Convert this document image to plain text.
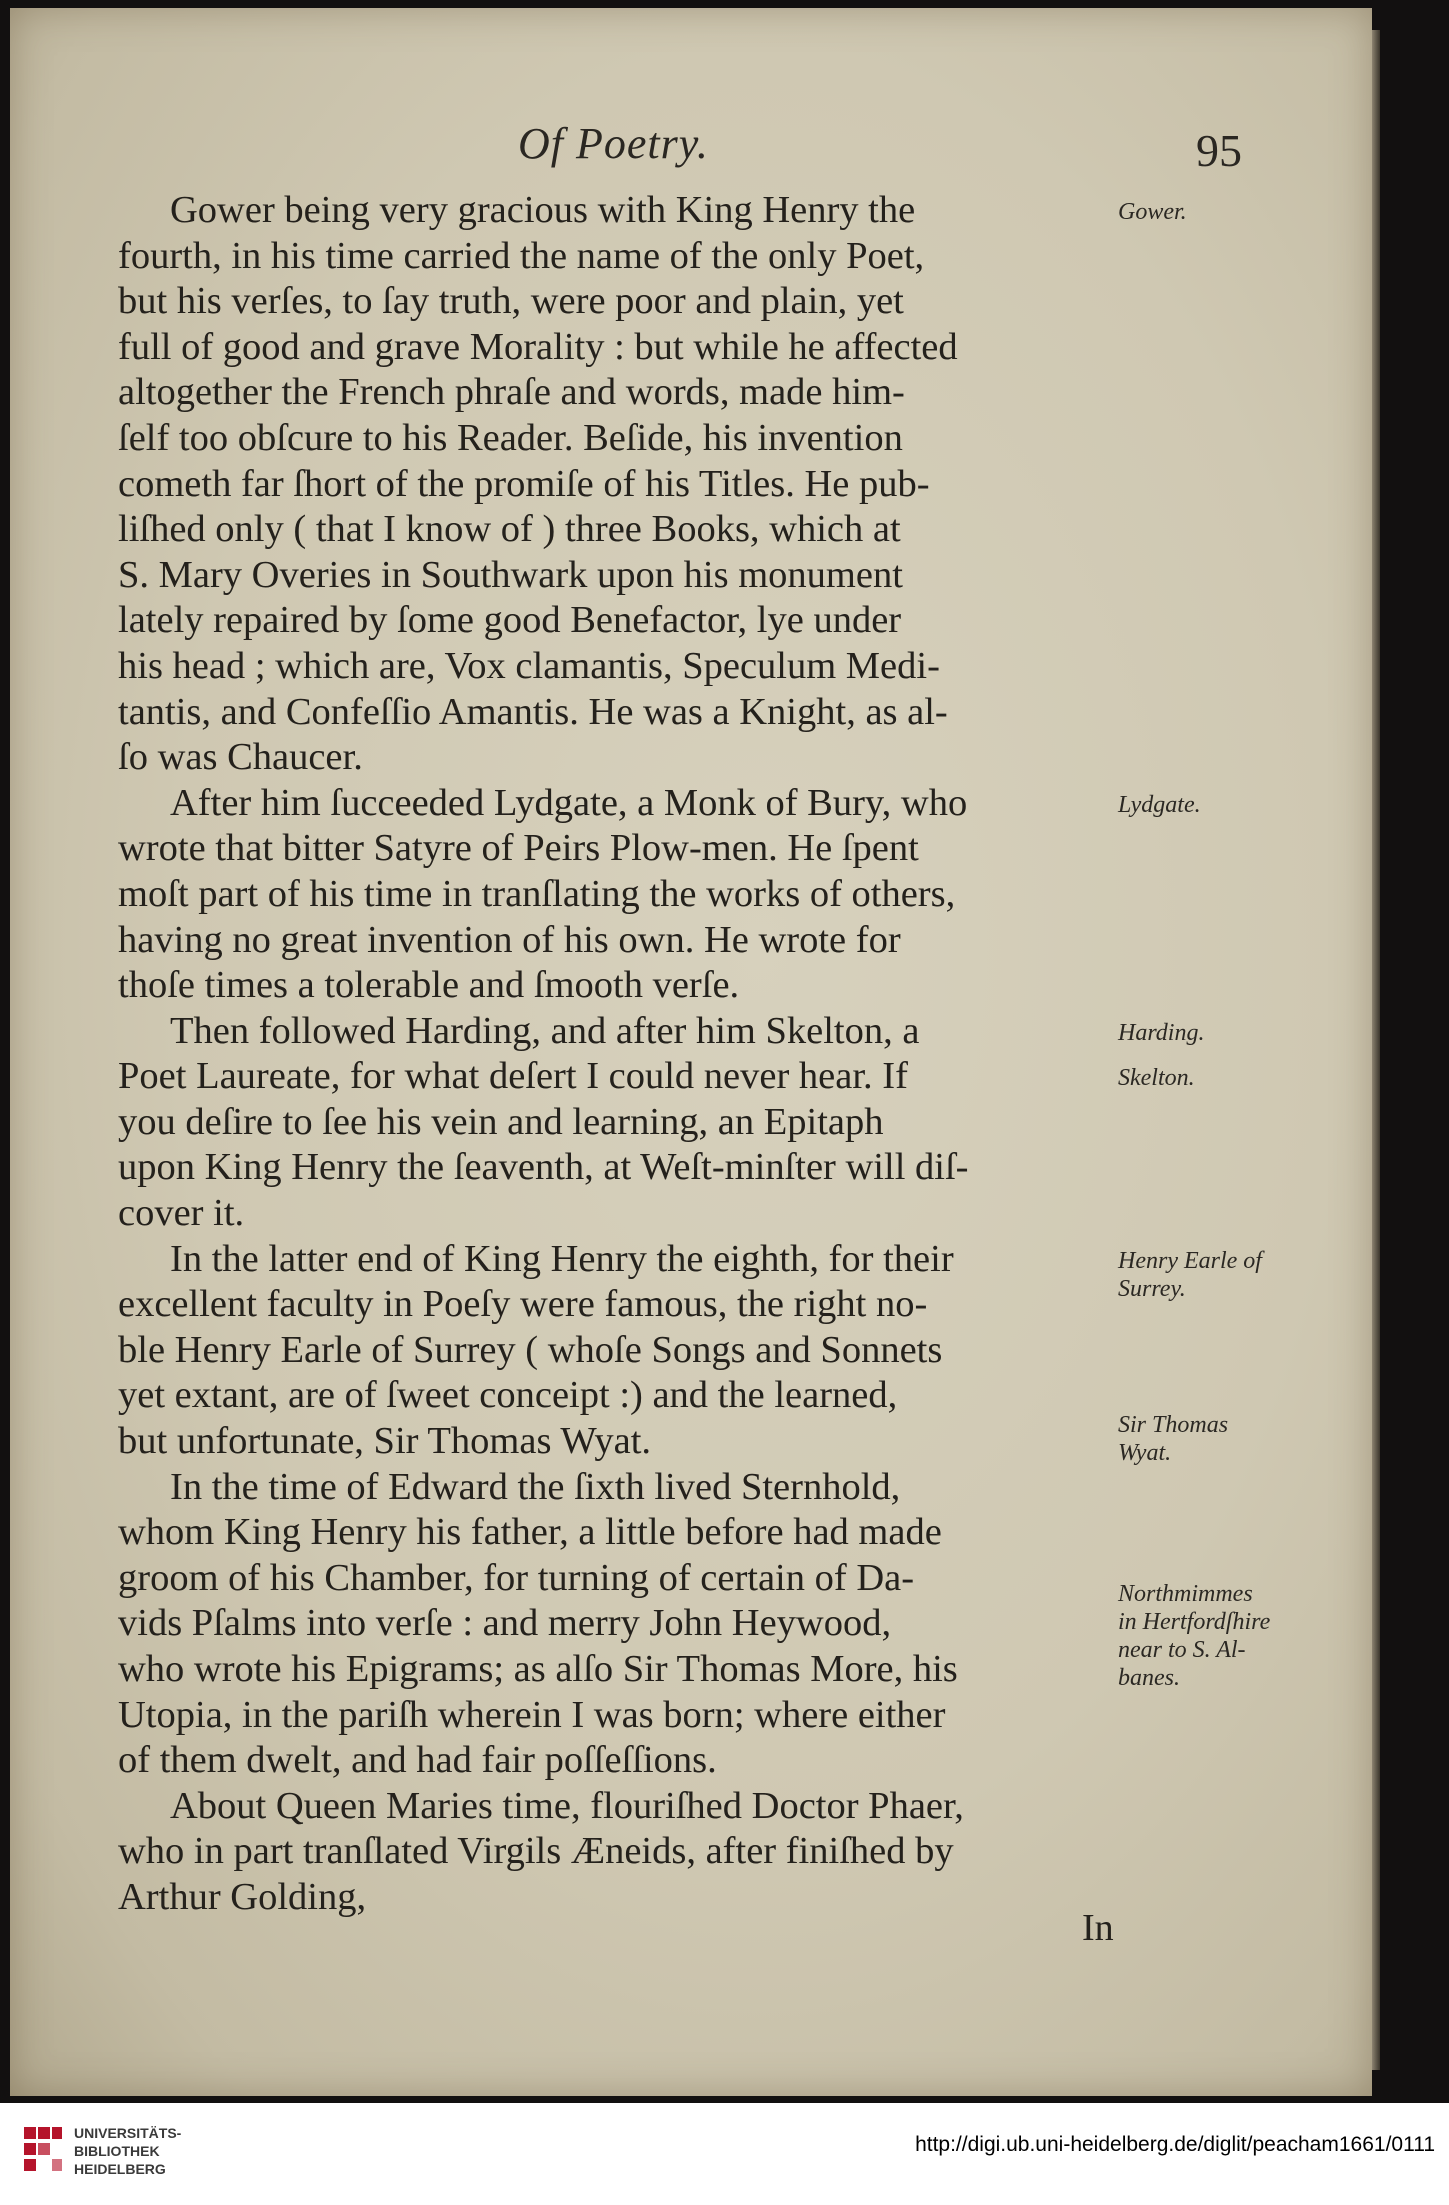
Of Poetry.	95
Gower being very gracious with King Henry the
fourth, in his time carried the name of the only Poet,
but his verſes, to ſay truth, were poor and plain, yet
full of good and grave Morality : but while he affected
altogether the French phraſe and words, made him-
ſelf too obſcure to his Reader. Beſide, his invention
cometh far ſhort of the promiſe of his Titles. He pub-
liſhed only ( that I know of ) three Books, which at
S. Mary Overies in Southwark upon his monument
lately repaired by ſome good Benefactor, lye under
his head ; which are, Vox clamantis, Speculum Medi-
tantis, and Confeſſio Amantis. He was a Knight, as al-
ſo was Chaucer.
After him ſucceeded Lydgate, a Monk of Bury, who
wrote that bitter Satyre of Peirs Plow-men. He ſpent
moſt part of his time in tranſlating the works of others,
having no great invention of his own. He wrote for
thoſe times a tolerable and ſmooth verſe.
Then followed Harding, and after him Skelton, a
Poet Laureate, for what deſert I could never hear. If
you deſire to ſee his vein and learning, an Epitaph
upon King Henry the ſeaventh, at Weſt-minſter will diſ-
cover it.
In the latter end of King Henry the eighth, for their
excellent faculty in Poeſy were famous, the right no-
ble Henry Earle of Surrey ( whoſe Songs and Sonnets
yet extant, are of ſweet conceipt :) and the learned,
but unfortunate, Sir Thomas Wyat.
In the time of Edward the ſixth lived Sternhold,
whom King Henry his father, a little before had made
groom of his Chamber, for turning of certain of Da-
vids Pſalms into verſe : and merry John Heywood,
who wrote his Epigrams; as alſo Sir Thomas More, his
Utopia, in the pariſh wherein I was born; where either
of them dwelt, and had fair poſſeſſions.
About Queen Maries time, flouriſhed Doctor Phaer,
who in part tranſlated Virgils Æneids, after finiſhed by
Arthur Golding,
Gower.
Lydgate.
Harding.
Skelton.
Henry Earle of
Surrey.
Sir Thomas
Wyat.
Northmimmes
in Hertfordſhire
near to S. Al-
banes.
In
UNIVERSITÄTS-
BIBLIOTHEK
HEIDELBERG
http://digi.ub.uni-heidelberg.de/diglit/peacham1661/0111
